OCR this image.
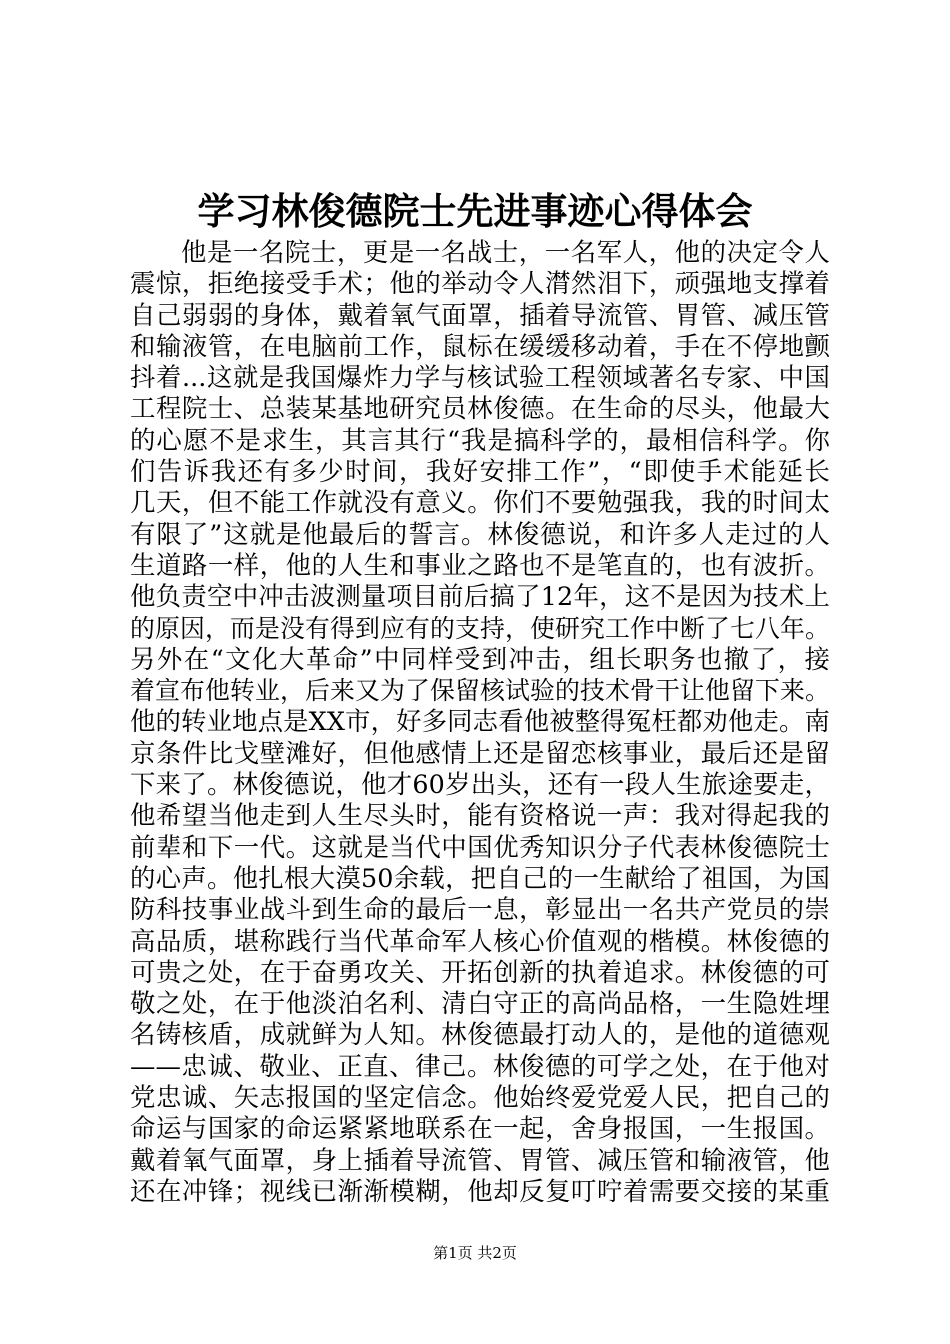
学习林俊德院士先进事迹心得体会
他是一名院士，更是一名战士，一名军人，他的决定令人
震惊，拒绝接受手术；他的举动令人潸然泪下，顽强地支撑着
自己弱弱的身体，戴着氧气面罩，插着导流管、胃管、减压管
和输液管，在电脑前工作，鼠标在缓缓移动着，手在不停地颤
抖着...这就是我国爆炸力学与核试验工程领域著名专家、中国
工程院士、总装某基地研究员林俊德。在生命的尽头，他最大
的心愿不是求生，其言其行“我是搞科学的，最相信科学。你
们告诉我还有多少时间，我好安排工作”，“即使手术能延长
几天，但不能工作就没有意义。你们不要勉强我，我的时间太
有限了”这就是他最后的誓言。林俊德说，和许多人走过的人
生道路一样，他的人生和事业之路也不是笔直的，也有波折。
他负责空中冲击波测量项目前后搞了12年，这不是因为技术上
的原因，而是没有得到应有的支持，使研究工作中断了七八年。
另外在“文化大革命”中同样受到冲击，组长职务也撤了，接
着宣布他转业，后来又为了保留核试验的技术骨干让他留下来。
他的转业地点是XX市，好多同志看他被整得冤枉都劝他走。南
京条件比戈壁滩好，但他感情上还是留恋核事业，最后还是留
下来了。林俊德说，他才60岁出头，还有一段人生旅途要走，
他希望当他走到人生尽头时，能有资格说一声：我对得起我的
前辈和下一代。这就是当代中国优秀知识分子代表林俊德院士
的心声。他扎根大漠50余载，把自己的一生献给了祖国，为国
防科技事业战斗到生命的最后一息，彰显出一名共产党员的崇
高品质，堪称践行当代革命军人核心价值观的楷模。林俊德的
可贵之处，在于奋勇攻关、开拓创新的执着追求。林俊德的可
敬之处，在于他淡泊名利、清白守正的高尚品格，一生隐姓埋
名铸核盾，成就鲜为人知。林俊德最打动人的，是他的道德观
——忠诚、敬业、正直、律己。林俊德的可学之处，在于他对
党忠诚、矢志报国的坚定信念。他始终爱党爱人民，把自己的
命运与国家的命运紧紧地联系在一起，舍身报国，一生报国。
戴着氧气面罩，身上插着导流管、胃管、减压管和输液管，他
还在冲锋；视线已渐渐模糊，他却反复叮咛着需要交接的某重
第1页 共2页
